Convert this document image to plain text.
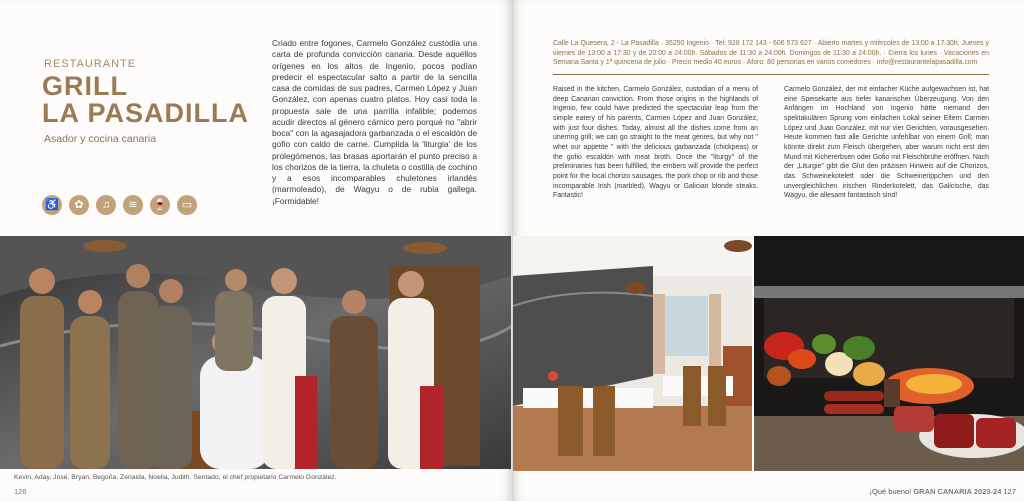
RESTAURANTE
GRILL
LA PASADILLA
Asador y cocina canaria
♿	✿	♫	≋	🍷	▭
Criado entre fogones, Carmelo González custodia una carta de profunda convicción canaria. Desde aquéllos orígenes en los altos de Ingenio, pocos podían predecir el espectacular salto a partir de la sencilla casa de comidas de sus padres, Carmen López y Juan González, con apenas cuatro platos. Hoy casi toda la propuesta sale de una parrilla infalible; podemos acudir directos al género cárnico pero porqué no "abrir boca" con la agasajadora garbanzada o el escaldón de gofio con caldo de carne. Cumplida la 'liturgia' de los prolegómenos, las brasas aportarán el punto preciso a los chorizos de la tierra, la chuleta o costilla de cochino y a esos incomparables chuletones irlandés (marmoleado), de Wagyu o de rubia gallega. ¡Formidable!
Kevin, Aday, José, Bryan, Begoña, Zenaida, Noelia, Judith. Sentado, el chef propietario Carmelo González.
126
Calle La Quesera, 2 - La Pasadilla · 35250 Ingenio · Tel: 928 172 143 - 606 573 627 · Abierto martes y miércoles de 13:00 a 17:30h. Jueves y viernes de 13:00 a 17:30 y de 20:00 a 24:00h. Sábados de 11:30 a 24:00h. Domingos de 11:30 a 24:00h. · Cierra los lunes · Vacaciones en Semana Santa y 1ª quincena de julio · Precio medio 40 euros · Aforo: 80 personas en varios comedores · info@restaurantelapasadilla.com
Raised in the kitchen, Carmelo González, custodian of a menu of deep Canarian conviction. From those origins in the highlands of Ingenio, few could have predicted the spectacular leap from the simple eatery of his parents, Carmen López and Juan González, with just four dishes. Today, almost all the dishes come from an unerring grill; we can go straight to the meat genres, but why not " whet our appetite " with the delicious garbanzada (chickpeas) or the gofio escaldón with meat broth. Once the "liturgy" of the preliminaries has been fulfilled, the embers will provide the perfect point for the local chorizo sausages, the pork chop or rib and those incomparable Irish (marbled), Wagyu or Galician blonde steaks. Fantastic!
Carmelo González, der mit einfacher Küche aufgewachsen ist, hat eine Speisekarte aus tiefer kanarischer Überzeugung. Von den Anfängen im Hochland von Ingenio hätte niemand den spektakulären Sprung vom einfachen Lokal seiner Eltern Carmen López und Juan González, mit nur vier Gerichten, vorausgesehen. Heute kommen fast alle Gerichte unfehlbar von einem Grill; man könnte direkt zum Fleisch übergehen, aber warum nicht erst den Mund mit Kichererbsen oder Gofio mit Fleischbrühe eröffnen. Nach der „Liturgie" gibt die Glut den präzisen Hinweis auf die Chorizos, das Schweinekotelett oder die Schweinerippchen und den unvergleichlichen irischen Rinderkotelett, das Galicische, das Wagyu, die allesamt fantastisch sind!
¡Qué bueno! GRAN CANARIA 2023-24 127
